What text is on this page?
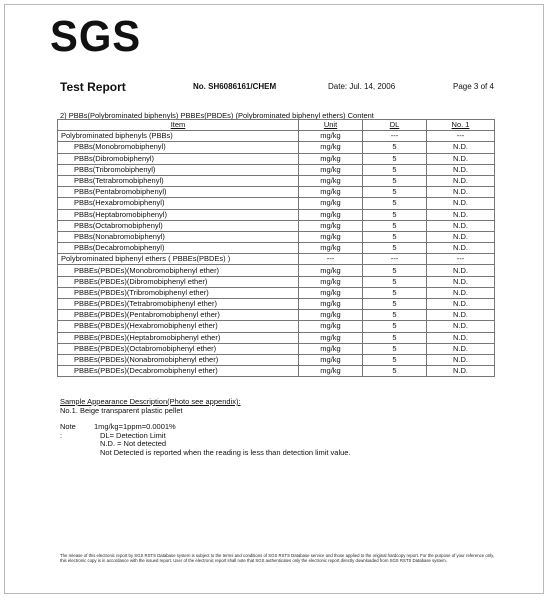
SGS
Test Report	No. SH6086161/CHEM	Date: Jul. 14, 2006	Page 3 of 4
2) PBBs(Polybrominated biphenyls) PBBEs(PBDEs) (Polybrominated biphenyl ethers) Content
Item	Unit	DL	No. 1
Polybrominated biphenyls (PBBs)	mg/kg	---	---
PBBs(Monobromobiphenyl)	mg/kg	5	N.D.
PBBs(Dibromobiphenyl)	mg/kg	5	N.D.
PBBs(Tribromobiphenyl)	mg/kg	5	N.D.
PBBs(Tetrabromobiphenyl)	mg/kg	5	N.D.
PBBs(Pentabromobiphenyl)	mg/kg	5	N.D.
PBBs(Hexabromobiphenyl)	mg/kg	5	N.D.
PBBs(Heptabromobiphenyl)	mg/kg	5	N.D.
PBBs(Octabromobiphenyl)	mg/kg	5	N.D.
PBBs(Nonabromobiphenyl)	mg/kg	5	N.D.
PBBs(Decabromobiphenyl)	mg/kg	5	N.D.
Polybrominated biphenyl ethers ( PBBEs(PBDEs) )	---	---	---
PBBEs(PBDEs)(Monobromobiphenyl ether)	mg/kg	5	N.D.
PBBEs(PBDEs)(Dibromobiphenyl ether)	mg/kg	5	N.D.
PBBEs(PBDEs)(Tribromobiphenyl ether)	mg/kg	5	N.D.
PBBEs(PBDEs)(Tetrabromobiphenyl ether)	mg/kg	5	N.D.
PBBEs(PBDEs)(Pentabromobiphenyl ether)	mg/kg	5	N.D.
PBBEs(PBDEs)(Hexabromobiphenyl ether)	mg/kg	5	N.D.
PBBEs(PBDEs)(Heptabromobiphenyl ether)	mg/kg	5	N.D.
PBBEs(PBDEs)(Octabromobiphenyl ether)	mg/kg	5	N.D.
PBBEs(PBDEs)(Nonabromobiphenyl ether)	mg/kg	5	N.D.
PBBEs(PBDEs)(Decabromobiphenyl ether)	mg/kg	5	N.D.
Sample Appearance Description(Photo see appendix):
No.1. Beige transparent plastic pellet
Note :
1mg/kg=1ppm=0.0001%
DL= Detection Limit
N.D. = Not detected
Not Detected is reported when the reading is less than detection limit value.
The release of this electronic report by SGS RSTS Database system is subject to the terms and conditions of SGS RSTS Database service and those applied to the original hardcopy report. For the purpose of your reference only, this electronic copy is in accordance with the issued report. User of the electronic report shall note that SGS authenticates only the electronic report directly downloaded from SGS RSTS Database system.
